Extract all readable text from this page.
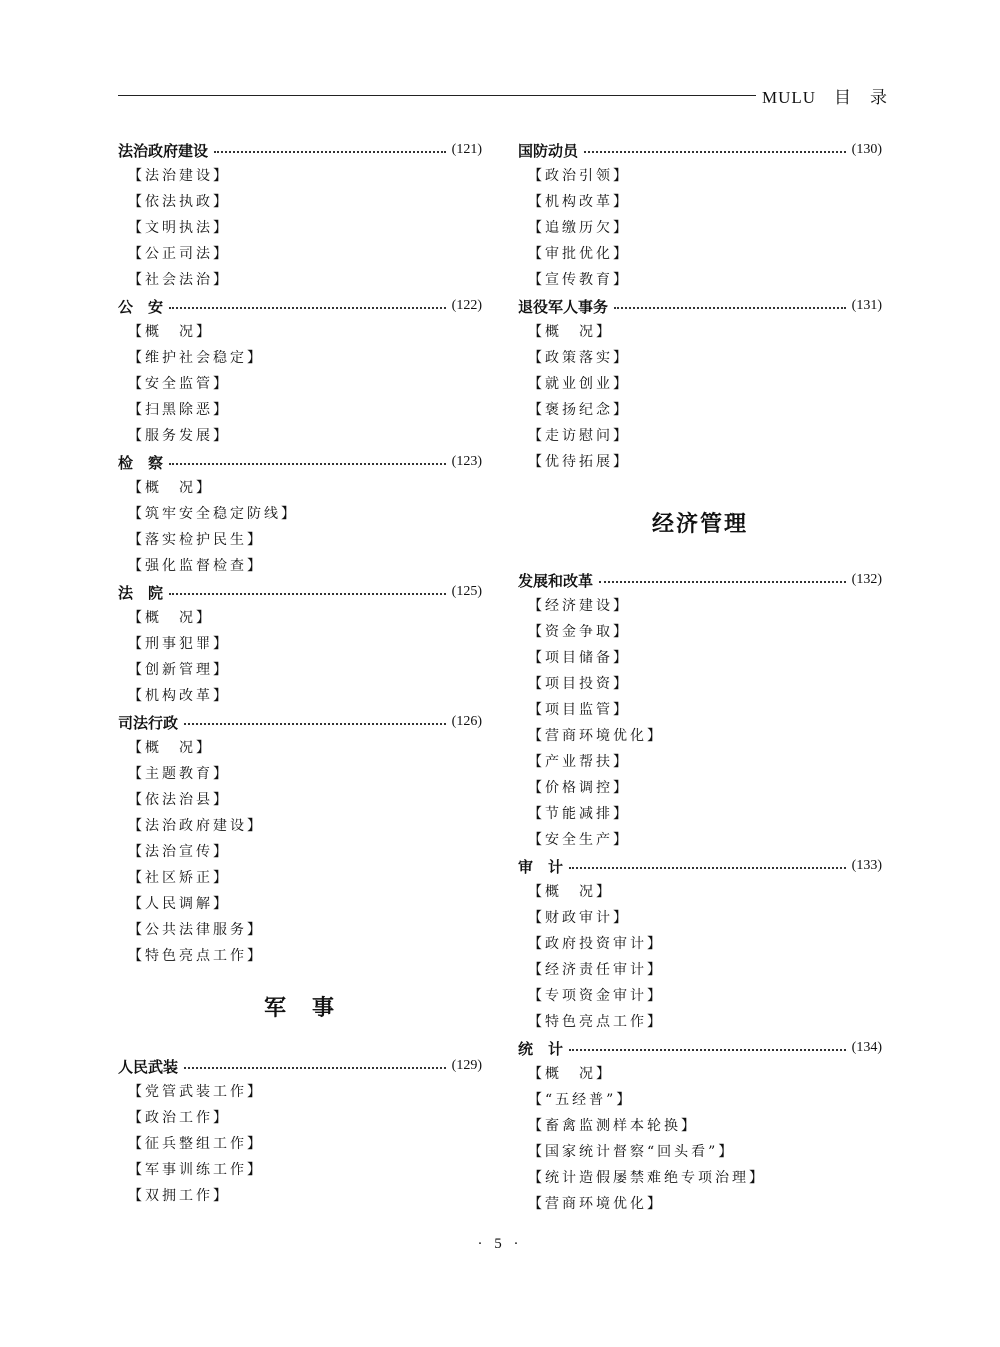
MULU　目　录
法治政府建设	(121)
【法治建设】
【依法执政】
【文明执法】
【公正司法】
【社会法治】
公　安	(122)
【概　况】
【维护社会稳定】
【安全监管】
【扫黑除恶】
【服务发展】
检　察	(123)
【概　况】
【筑牢安全稳定防线】
【落实检护民生】
【强化监督检查】
法　院	(125)
【概　况】
【刑事犯罪】
【创新管理】
【机构改革】
司法行政	(126)
【概　况】
【主题教育】
【依法治县】
【法治政府建设】
【法治宣传】
【社区矫正】
【人民调解】
【公共法律服务】
【特色亮点工作】
军　事
人民武装	(129)
【党管武装工作】
【政治工作】
【征兵整组工作】
【军事训练工作】
【双拥工作】
国防动员	(130)
【政治引领】
【机构改革】
【追缴历欠】
【审批优化】
【宣传教育】
退役军人事务	(131)
【概　况】
【政策落实】
【就业创业】
【褒扬纪念】
【走访慰问】
【优待拓展】
经济管理
发展和改革	(132)
【经济建设】
【资金争取】
【项目储备】
【项目投资】
【项目监管】
【营商环境优化】
【产业帮扶】
【价格调控】
【节能减排】
【安全生产】
审　计	(133)
【概　况】
【财政审计】
【政府投资审计】
【经济责任审计】
【专项资金审计】
【特色亮点工作】
统　计	(134)
【概　况】
【“五经普”】
【畜禽监测样本轮换】
【国家统计督察“回头看”】
【统计造假屡禁难绝专项治理】
【营商环境优化】
· 5 ·
